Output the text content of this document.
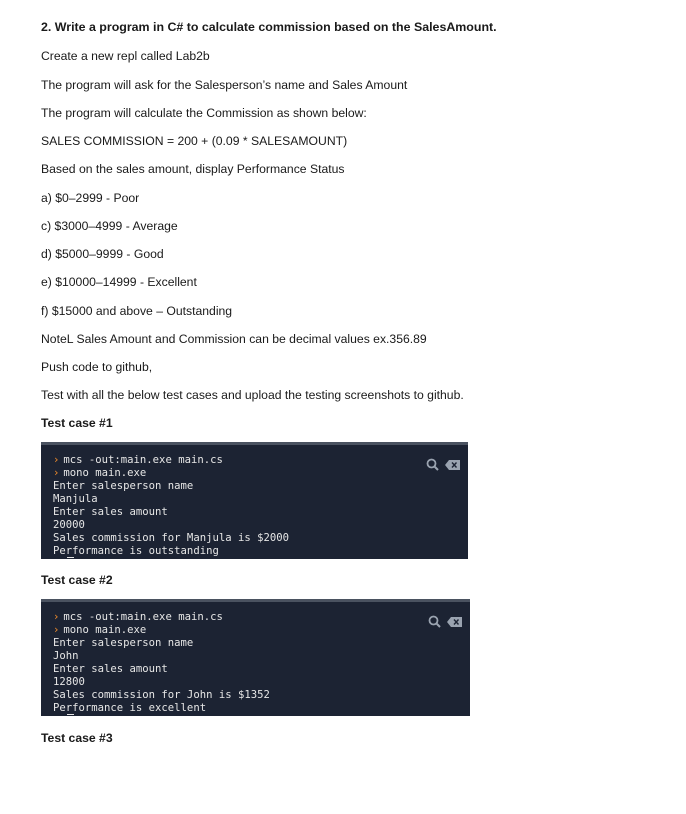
2. Write a program in C# to calculate commission based on the SalesAmount.
Create a new repl called Lab2b
The program will ask for the Salesperson’s name and Sales Amount
The program will calculate the Commission as shown below:
SALES COMMISSION = 200 + (0.09 * SALESAMOUNT)
Based on the sales amount, display Performance Status
a) $0–2999 - Poor
c) $3000–4999 - Average
d) $5000–9999 - Good
e) $10000–14999 - Excellent
f) $15000 and above – Outstanding
NoteL Sales Amount and Commission can be decimal values ex.356.89
Push code to github,
Test with all the below test cases and upload the testing screenshots to github.
Test case #1
› mcs -out:main.exe main.cs
› mono main.exe
Enter salesperson name
Manjula
Enter sales amount
20000
Sales commission for Manjula is $2000
Performance is outstanding
Test case #2
› mcs -out:main.exe main.cs
› mono main.exe
Enter salesperson name
John
Enter sales amount
12800
Sales commission for John is $1352
Performance is excellent
Test case #3
